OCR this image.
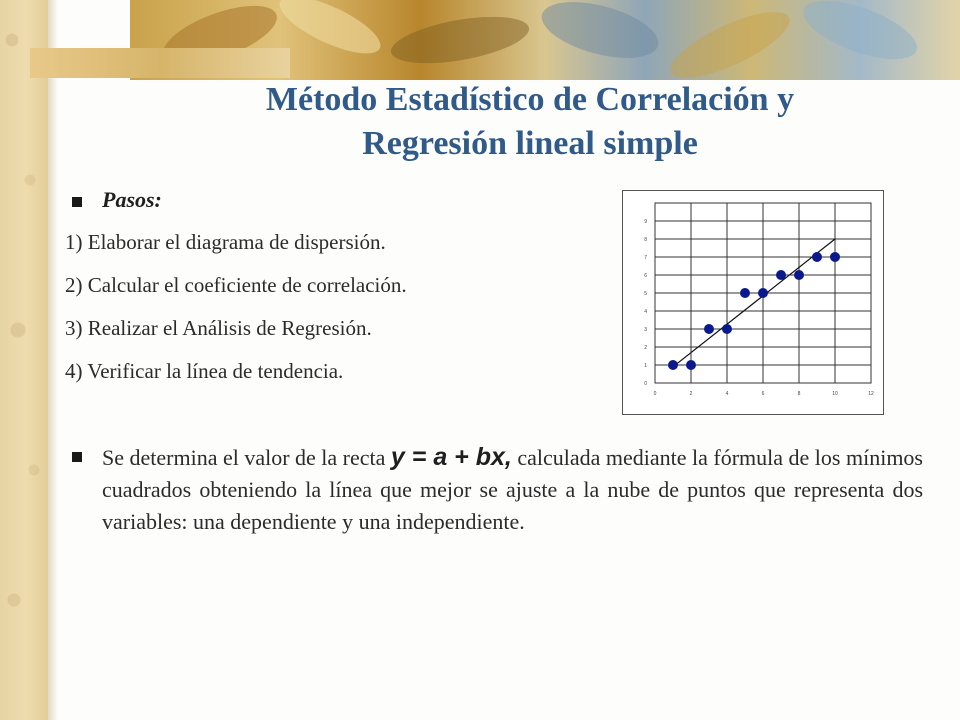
Método Estadístico de Correlación y
Regresión lineal simple
Pasos:
1) Elaborar el diagrama de dispersión.
2) Calcular el coeficiente de correlación.
3) Realizar el Análisis de Regresión.
4) Verificar la línea de tendencia.
0	2	4	6	8	10	12
0
1
2
3
4
5
6
7
8
9

Se determina el valor de la recta y = a + bx, calculada mediante la fórmula de los mínimos cuadrados obteniendo la línea que mejor se ajuste a la nube de puntos que representa dos variables: una dependiente y una independiente.
